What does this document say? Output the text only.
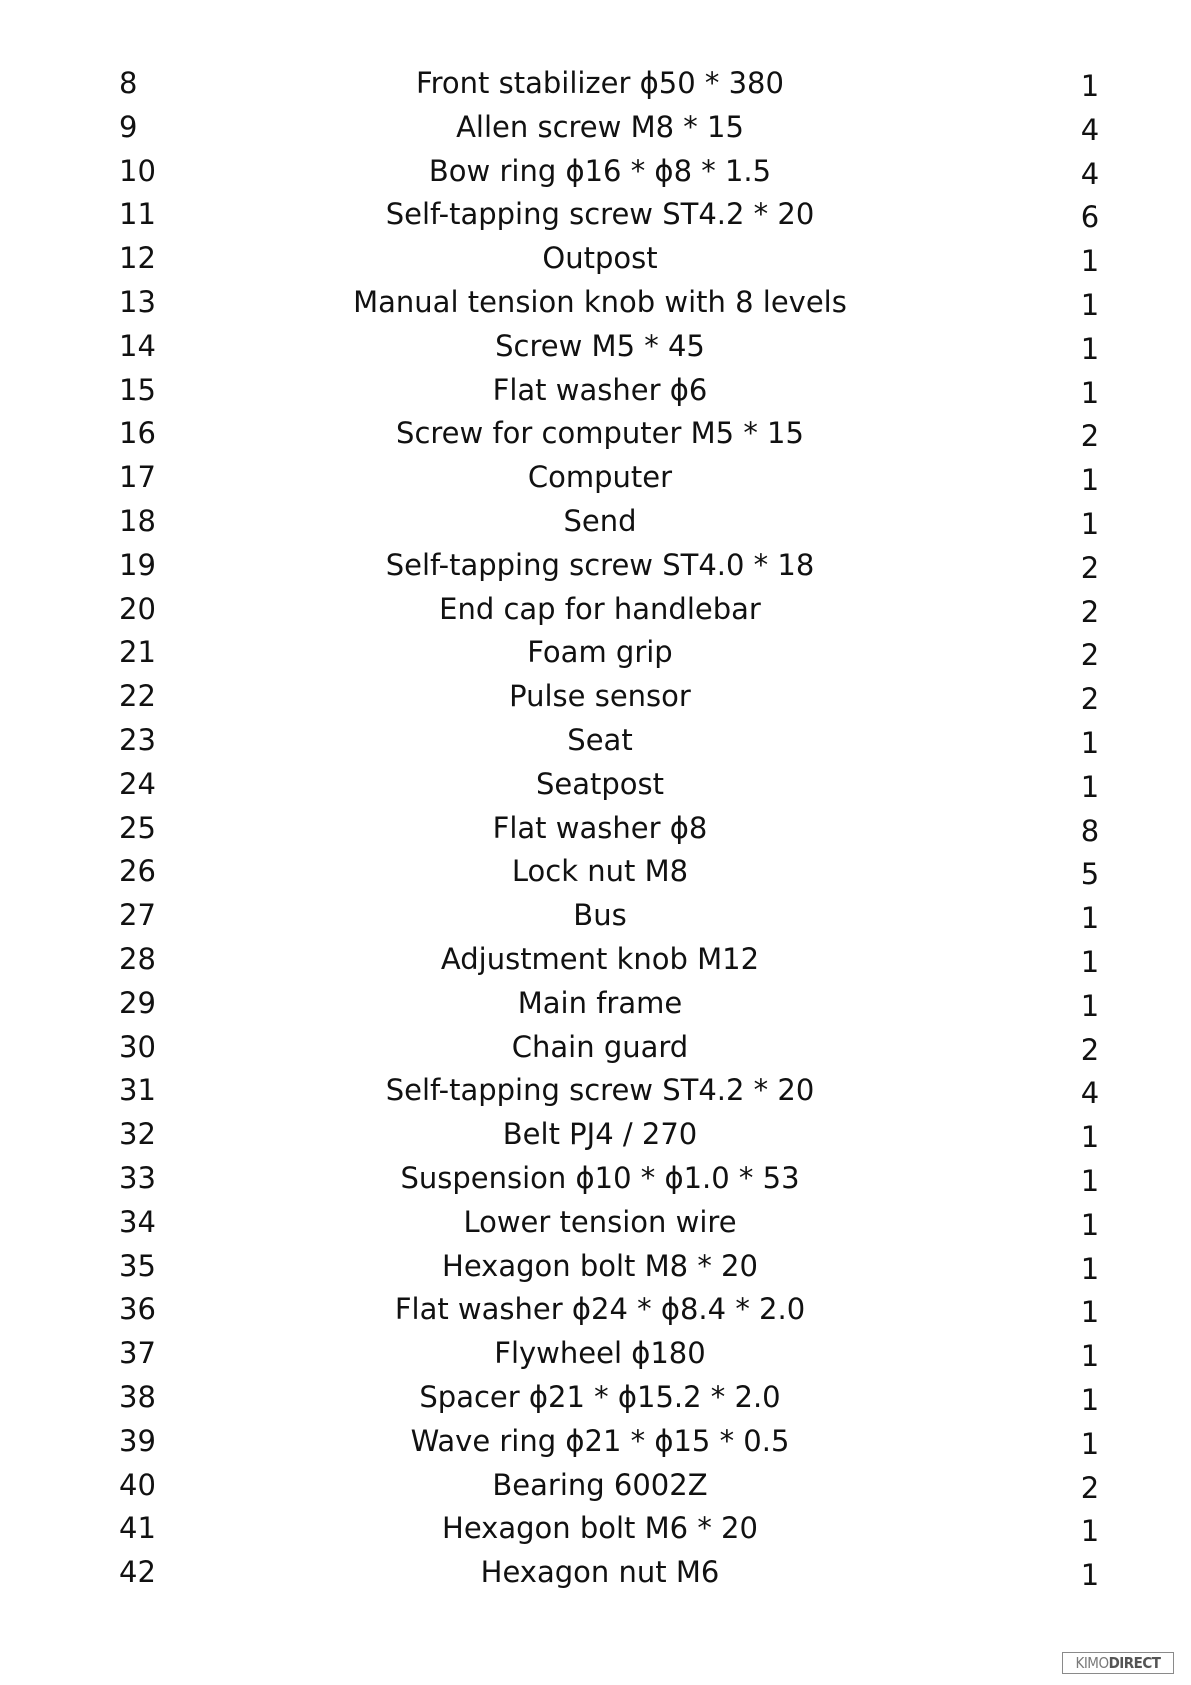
8	Front stabilizer ϕ50 * 380	1
9	Allen screw M8 * 15	4
10	Bow ring ϕ16 * ϕ8 * 1.5	4
11	Self-tapping screw ST4.2 * 20	6
12	Outpost	1
13	Manual tension knob with 8 levels	1
14	Screw M5 * 45	1
15	Flat washer ϕ6	1
16	Screw for computer M5 * 15	2
17	Computer	1
18	Send	1
19	Self-tapping screw ST4.0 * 18	2
20	End cap for handlebar	2
21	Foam grip	2
22	Pulse sensor	2
23	Seat	1
24	Seatpost	1
25	Flat washer ϕ8	8
26	Lock nut M8	5
27	Bus	1
28	Adjustment knob M12	1
29	Main frame	1
30	Chain guard	2
31	Self-tapping screw ST4.2 * 20	4
32	Belt PJ4 / 270	1
33	Suspension ϕ10 * ϕ1.0 * 53	1
34	Lower tension wire	1
35	Hexagon bolt M8 * 20	1
36	Flat washer ϕ24 * ϕ8.4 * 2.0	1
37	Flywheel ϕ180	1
38	Spacer ϕ21 * ϕ15.2 * 2.0	1
39	Wave ring ϕ21 * ϕ15 * 0.5	1
40	Bearing 6002Z	2
41	Hexagon bolt M6 * 20	1
42	Hexagon nut M6	1
KIMODIRECT
